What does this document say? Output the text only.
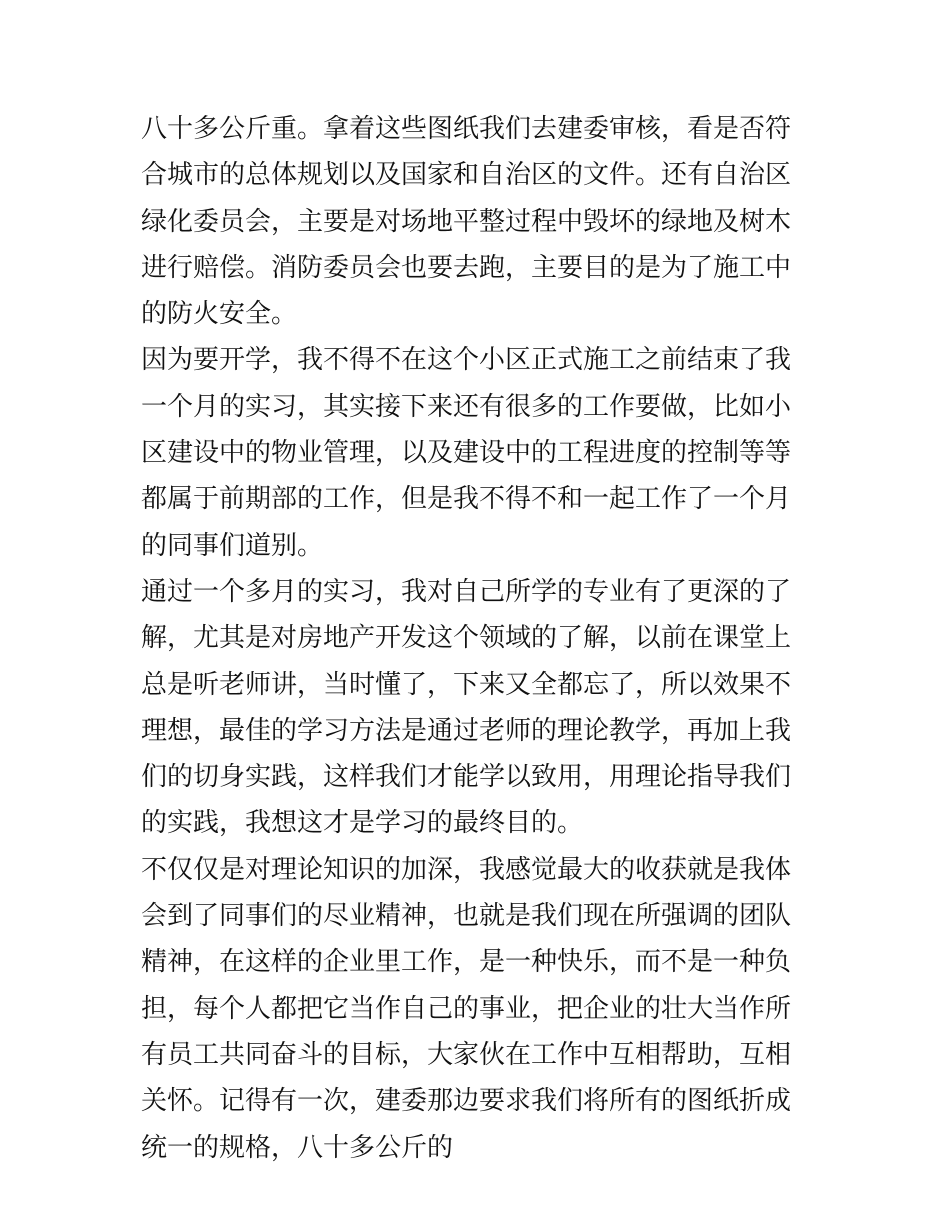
八十多公斤重。拿着这些图纸我们去建委审核，看是否符合城市的总体规划以及国家和自治区的文件。还有自治区绿化委员会，主要是对场地平整过程中毁坏的绿地及树木进行赔偿。消防委员会也要去跑，主要目的是为了施工中的防火安全。

因为要开学，我不得不在这个小区正式施工之前结束了我一个月的实习，其实接下来还有很多的工作要做，比如小区建设中的物业管理，以及建设中的工程进度的控制等等都属于前期部的工作，但是我不得不和一起工作了一个月的同事们道别。

通过一个多月的实习，我对自己所学的专业有了更深的了解，尤其是对房地产开发这个领域的了解，以前在课堂上总是听老师讲，当时懂了，下来又全都忘了，所以效果不理想，最佳的学习方法是通过老师的理论教学，再加上我们的切身实践，这样我们才能学以致用，用理论指导我们的实践，我想这才是学习的最终目的。

不仅仅是对理论知识的加深，我感觉最大的收获就是我体会到了同事们的尽业精神，也就是我们现在所强调的团队精神，在这样的企业里工作，是一种快乐，而不是一种负担，每个人都把它当作自己的事业，把企业的壮大当作所有员工共同奋斗的目标，大家伙在工作中互相帮助，互相关怀。记得有一次，建委那边要求我们将所有的图纸折成统一的规格，八十多公斤的
